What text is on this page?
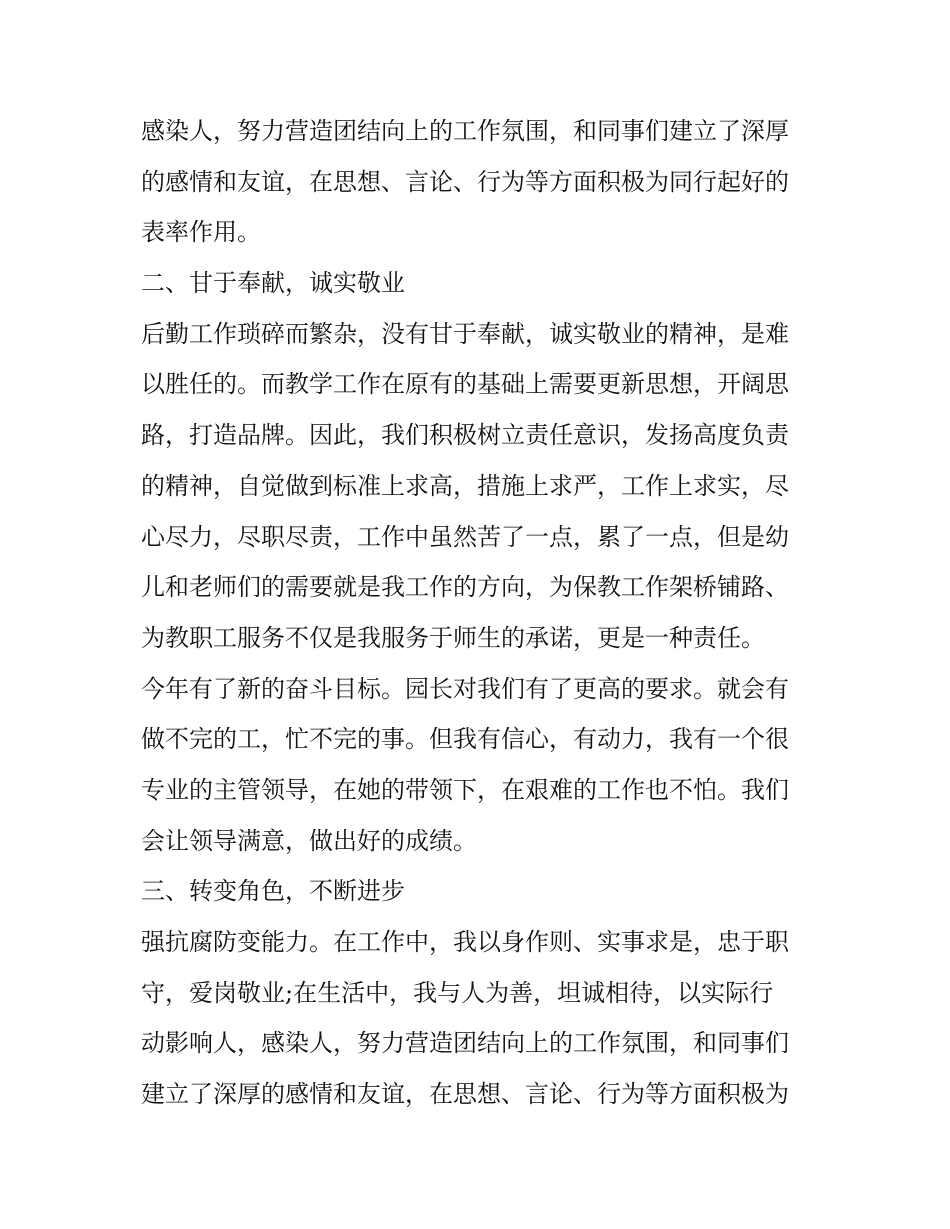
感染人，努力营造团结向上的工作氛围，和同事们建立了深厚
的感情和友谊，在思想、言论、行为等方面积极为同行起好的
表率作用。
二、甘于奉献，诚实敬业
后勤工作琐碎而繁杂，没有甘于奉献，诚实敬业的精神，是难
以胜任的。而教学工作在原有的基础上需要更新思想，开阔思
路，打造品牌。因此，我们积极树立责任意识，发扬高度负责
的精神，自觉做到标准上求高，措施上求严，工作上求实，尽
心尽力，尽职尽责，工作中虽然苦了一点，累了一点，但是幼
儿和老师们的需要就是我工作的方向，为保教工作架桥铺路、
为教职工服务不仅是我服务于师生的承诺，更是一种责任。
今年有了新的奋斗目标。园长对我们有了更高的要求。就会有
做不完的工，忙不完的事。但我有信心，有动力，我有一个很
专业的主管领导，在她的带领下，在艰难的工作也不怕。我们
会让领导满意，做出好的成绩。
三、转变角色，不断进步
强抗腐防变能力。在工作中，我以身作则、实事求是，忠于职
守，爱岗敬业;在生活中，我与人为善，坦诚相待，以实际行
动影响人，感染人，努力营造团结向上的工作氛围，和同事们
建立了深厚的感情和友谊，在思想、言论、行为等方面积极为
